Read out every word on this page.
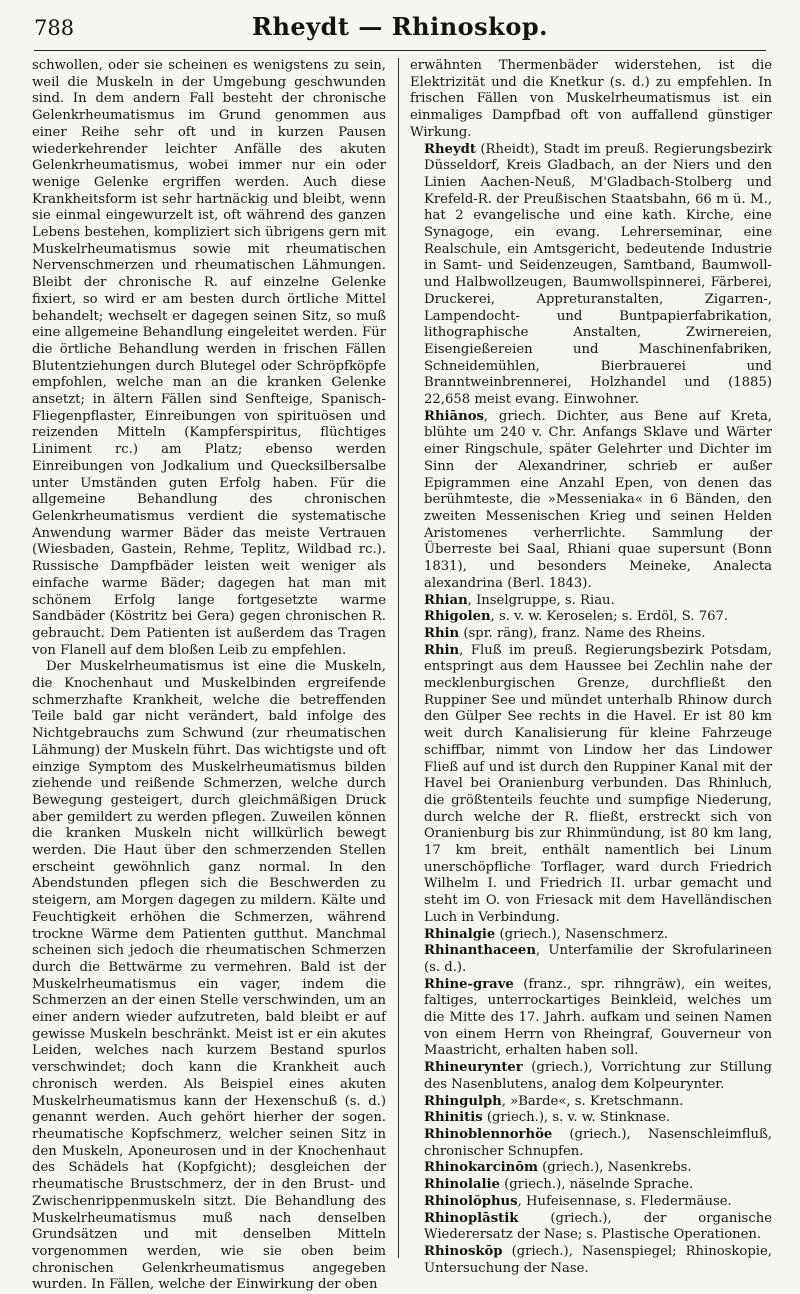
788	Rheydt — Rhinoskop.

schwollen, oder sie scheinen es wenigstens zu sein, weil die Muskeln in der Umgebung geschwunden sind. In dem andern Fall besteht der chronische Gelenkrheumatismus im Grund genommen aus einer Reihe sehr oft und in kurzen Pausen wiederkehrender leichter Anfälle des akuten Gelenkrheumatismus, wobei immer nur ein oder wenige Gelenke ergriffen werden. Auch diese Krankheitsform ist sehr hartnäckig und bleibt, wenn sie einmal eingewurzelt ist, oft während des ganzen Lebens bestehen, kompliziert sich übrigens gern mit Muskelrheumatismus sowie mit rheumatischen Nervenschmerzen und rheumatischen Lähmungen. Bleibt der chronische R. auf einzelne Gelenke fixiert, so wird er am besten durch örtliche Mittel behandelt; wechselt er dagegen seinen Sitz, so muß eine allgemeine Behandlung eingeleitet werden. Für die örtliche Behandlung werden in frischen Fällen Blutentziehungen durch Blutegel oder Schröpfköpfe empfohlen, welche man an die kranken Gelenke ansetzt; in ältern Fällen sind Senfteige, Spanisch-Fliegenpflaster, Einreibungen von spirituösen und reizenden Mitteln (Kampferspiritus, flüchtiges Liniment rc.) am Platz; ebenso werden Einreibungen von Jodkalium und Quecksilbersalbe unter Umständen guten Erfolg haben. Für die allgemeine Behandlung des chronischen Gelenkrheumatismus verdient die systematische Anwendung warmer Bäder das meiste Vertrauen (Wiesbaden, Gastein, Rehme, Teplitz, Wildbad rc.). Russische Dampfbäder leisten weit weniger als einfache warme Bäder; dagegen hat man mit schönem Erfolg lange fortgesetzte warme Sandbäder (Köstritz bei Gera) gegen chronischen R. gebraucht. Dem Patienten ist außerdem das Tragen von Flanell auf dem bloßen Leib zu empfehlen.

Der Muskelrheumatismus ist eine die Muskeln, die Knochenhaut und Muskelbinden ergreifende schmerzhafte Krankheit, welche die betreffenden Teile bald gar nicht verändert, bald infolge des Nichtgebrauchs zum Schwund (zur rheumatischen Lähmung) der Muskeln führt. Das wichtigste und oft einzige Symptom des Muskelrheumatismus bilden ziehende und reißende Schmerzen, welche durch Bewegung gesteigert, durch gleichmäßigen Druck aber gemildert zu werden pflegen. Zuweilen können die kranken Muskeln nicht willkürlich bewegt werden. Die Haut über den schmerzenden Stellen erscheint gewöhnlich ganz normal. In den Abendstunden pflegen sich die Beschwerden zu steigern, am Morgen dagegen zu mildern. Kälte und Feuchtigkeit erhöhen die Schmerzen, während trockne Wärme dem Patienten gutthut. Manchmal scheinen sich jedoch die rheumatischen Schmerzen durch die Bettwärme zu vermehren. Bald ist der Muskelrheumatismus ein vager, indem die Schmerzen an der einen Stelle verschwinden, um an einer andern wieder aufzutreten, bald bleibt er auf gewisse Muskeln beschränkt. Meist ist er ein akutes Leiden, welches nach kurzem Bestand spurlos verschwindet; doch kann die Krankheit auch chronisch werden. Als Beispiel eines akuten Muskelrheumatismus kann der Hexenschuß (s. d.) genannt werden. Auch gehört hierher der sogen. rheumatische Kopfschmerz, welcher seinen Sitz in den Muskeln, Aponeurosen und in der Knochenhaut des Schädels hat (Kopfgicht); desgleichen der rheumatische Brustschmerz, der in den Brust- und Zwischenrippenmuskeln sitzt. Die Behandlung des Muskelrheumatismus muß nach denselben Grundsätzen und mit denselben Mitteln vorgenommen werden, wie sie oben beim chronischen Gelenkrheumatismus angegeben wurden. In Fällen, welche der Einwirkung der oben

erwähnten Thermenbäder widerstehen, ist die Elektrizität und die Knetkur (s. d.) zu empfehlen. In frischen Fällen von Muskelrheumatismus ist ein einmaliges Dampfbad oft von auffallend günstiger Wirkung.

Rheydt (Rheidt), Stadt im preuß. Regierungsbezirk Düsseldorf, Kreis Gladbach, an der Niers und den Linien Aachen-Neuß, M'Gladbach-Stolberg und Krefeld-R. der Preußischen Staatsbahn, 66 m ü. M., hat 2 evangelische und eine kath. Kirche, eine Synagoge, ein evang. Lehrerseminar, eine Realschule, ein Amtsgericht, bedeutende Industrie in Samt- und Seidenzeugen, Samtband, Baumwoll- und Halbwollzeugen, Baumwollspinnerei, Färberei, Druckerei, Appreturanstalten, Zigarren-, Lampendocht- und Buntpapierfabrikation, lithographische Anstalten, Zwirnereien, Eisengießereien und Maschinenfabriken, Schneidemühlen, Bierbrauerei und Branntweinbrennerei, Holzhandel und (1885) 22,658 meist evang. Einwohner.

Rhiānos, griech. Dichter, aus Bene auf Kreta, blühte um 240 v. Chr. Anfangs Sklave und Wärter einer Ringschule, später Gelehrter und Dichter im Sinn der Alexandriner, schrieb er außer Epigrammen eine Anzahl Epen, von denen das berühmteste, die »Messeniaka« in 6 Bänden, den zweiten Messenischen Krieg und seinen Helden Aristomenes verherrlichte. Sammlung der Überreste bei Saal, Rhiani quae supersunt (Bonn 1831), und besonders Meineke, Analecta alexandrina (Berl. 1843).

Rhian, Inselgruppe, s. Riau.

Rhigolen, s. v. w. Keroselen; s. Erdöl, S. 767.

Rhin (spr. räng), franz. Name des Rheins.

Rhin, Fluß im preuß. Regierungsbezirk Potsdam, entspringt aus dem Haussee bei Zechlin nahe der mecklenburgischen Grenze, durchfließt den Ruppiner See und mündet unterhalb Rhinow durch den Gülper See rechts in die Havel. Er ist 80 km weit durch Kanalisierung für kleine Fahrzeuge schiffbar, nimmt von Lindow her das Lindower Fließ auf und ist durch den Ruppiner Kanal mit der Havel bei Oranienburg verbunden. Das Rhinluch, die größtenteils feuchte und sumpfige Niederung, durch welche der R. fließt, erstreckt sich von Oranienburg bis zur Rhinmündung, ist 80 km lang, 17 km breit, enthält namentlich bei Linum unerschöpfliche Torflager, ward durch Friedrich Wilhelm I. und Friedrich II. urbar gemacht und steht im O. von Friesack mit dem Havelländischen Luch in Verbindung.

Rhinalgie (griech.), Nasenschmerz.

Rhinanthaceen, Unterfamilie der Skrofularineen (s. d.).

Rhine-grave (franz., spr. rihngräw), ein weites, faltiges, unterrockartiges Beinkleid, welches um die Mitte des 17. Jahrh. aufkam und seinen Namen von einem Herrn von Rheingraf, Gouverneur von Maastricht, erhalten haben soll.

Rhineurynter (griech.), Vorrichtung zur Stillung des Nasenblutens, analog dem Kolpeurynter.

Rhingulph, »Barde«, s. Kretschmann.

Rhinitis (griech.), s. v. w. Stinknase.

Rhinoblennorhöe (griech.), Nasenschleimfluß, chronischer Schnupfen.

Rhinokarcinōm (griech.), Nasenkrebs.

Rhinolalie (griech.), näselnde Sprache.

Rhinolŏphus, Hufeisennase, s. Fledermäuse.

Rhinoplāstik (griech.), der organische Wiederersatz der Nase; s. Plastische Operationen.

Rhinoskōp (griech.), Nasenspiegel; Rhinoskopie, Untersuchung der Nase.
